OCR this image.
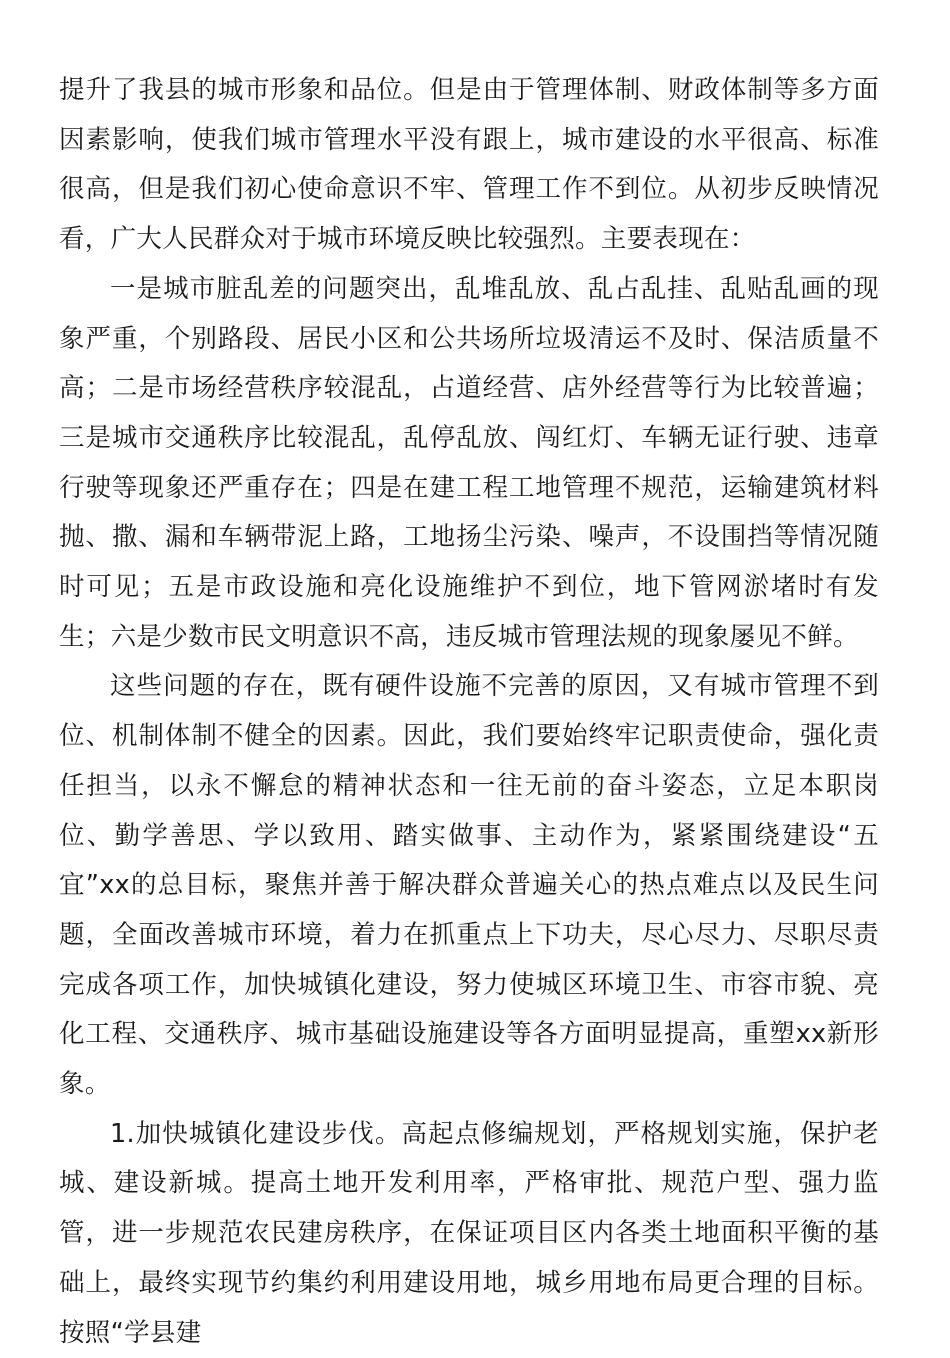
提升了我县的城市形象和品位。但是由于管理体制、财政体制等多方面因素影响，使我们城市管理水平没有跟上，城市建设的水平很高、标准很高，但是我们初心使命意识不牢、管理工作不到位。从初步反映情况看，广大人民群众对于城市环境反映比较强烈。主要表现在：

一是城市脏乱差的问题突出，乱堆乱放、乱占乱挂、乱贴乱画的现象严重，个别路段、居民小区和公共场所垃圾清运不及时、保洁质量不高；二是市场经营秩序较混乱，占道经营、店外经营等行为比较普遍；三是城市交通秩序比较混乱，乱停乱放、闯红灯、车辆无证行驶、违章行驶等现象还严重存在；四是在建工程工地管理不规范，运输建筑材料抛、撒、漏和车辆带泥上路，工地扬尘污染、噪声，不设围挡等情况随时可见；五是市政设施和亮化设施维护不到位，地下管网淤堵时有发生；六是少数市民文明意识不高，违反城市管理法规的现象屡见不鲜。

这些问题的存在，既有硬件设施不完善的原因，又有城市管理不到位、机制体制不健全的因素。因此，我们要始终牢记职责使命，强化责任担当，以永不懈怠的精神状态和一往无前的奋斗姿态，立足本职岗位、勤学善思、学以致用、踏实做事、主动作为，紧紧围绕建设“五宜”xx的总目标，聚焦并善于解决群众普遍关心的热点难点以及民生问题，全面改善城市环境，着力在抓重点上下功夫，尽心尽力、尽职尽责完成各项工作，加快城镇化建设，努力使城区环境卫生、市容市貌、亮化工程、交通秩序、城市基础设施建设等各方面明显提高，重塑xx新形象。

1.加快城镇化建设步伐。高起点修编规划，严格规划实施，保护老城、建设新城。提高土地开发利用率，严格审批、规范户型、强力监管，进一步规范农民建房秩序，在保证项目区内各类土地面积平衡的基础上，最终实现节约集约利用建设用地，城乡用地布局更合理的目标。按照“学县建
